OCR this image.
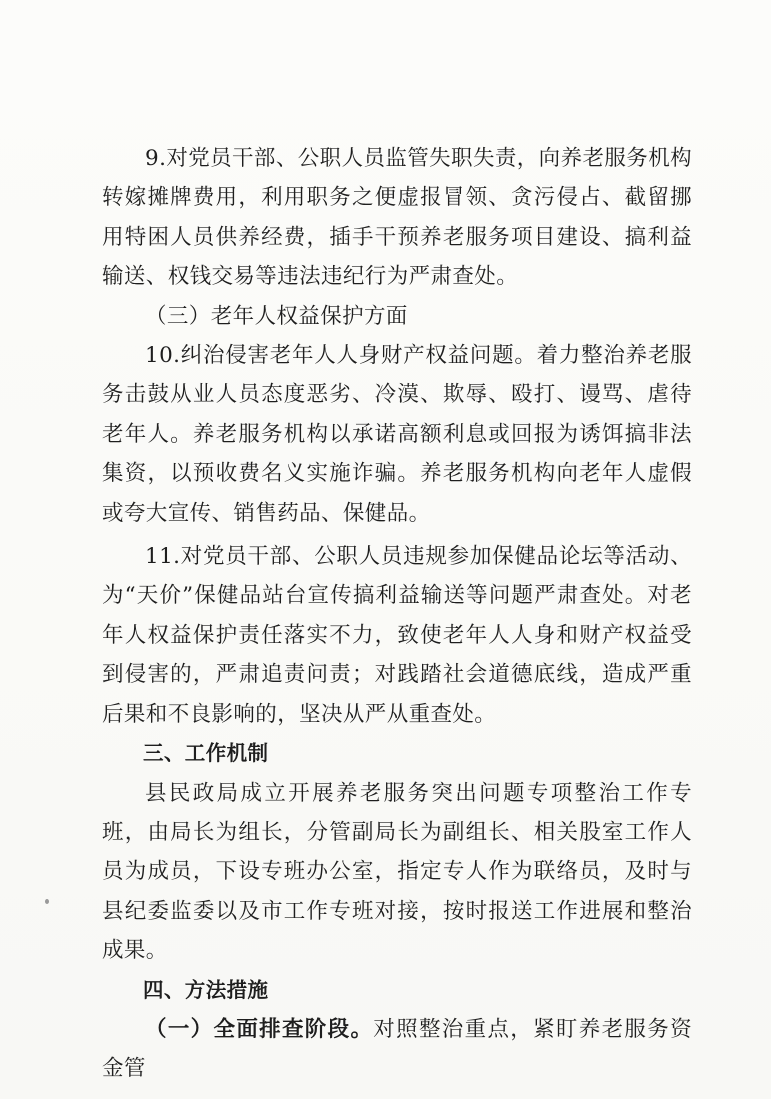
9.对党员干部、公职人员监管失职失责，向养老服务机构转嫁摊牌费用，利用职务之便虚报冒领、贪污侵占、截留挪用特困人员供养经费，插手干预养老服务项目建设、搞利益输送、权钱交易等违法违纪行为严肃查处。

（三）老年人权益保护方面

10.纠治侵害老年人人身财产权益问题。着力整治养老服务击鼓从业人员态度恶劣、冷漠、欺辱、殴打、谩骂、虐待老年人。养老服务机构以承诺高额利息或回报为诱饵搞非法集资，以预收费名义实施诈骗。养老服务机构向老年人虚假或夸大宣传、销售药品、保健品。

11.对党员干部、公职人员违规参加保健品论坛等活动、为“天价”保健品站台宣传搞利益输送等问题严肃查处。对老年人权益保护责任落实不力，致使老年人人身和财产权益受到侵害的，严肃追责问责；对践踏社会道德底线，造成严重后果和不良影响的，坚决从严从重查处。

三、工作机制

县民政局成立开展养老服务突出问题专项整治工作专班，由局长为组长，分管副局长为副组长、相关股室工作人员为成员，下设专班办公室，指定专人作为联络员，及时与县纪委监委以及市工作专班对接，按时报送工作进展和整治成果。

四、方法措施

（一）全面排查阶段。对照整治重点，紧盯养老服务资金管
